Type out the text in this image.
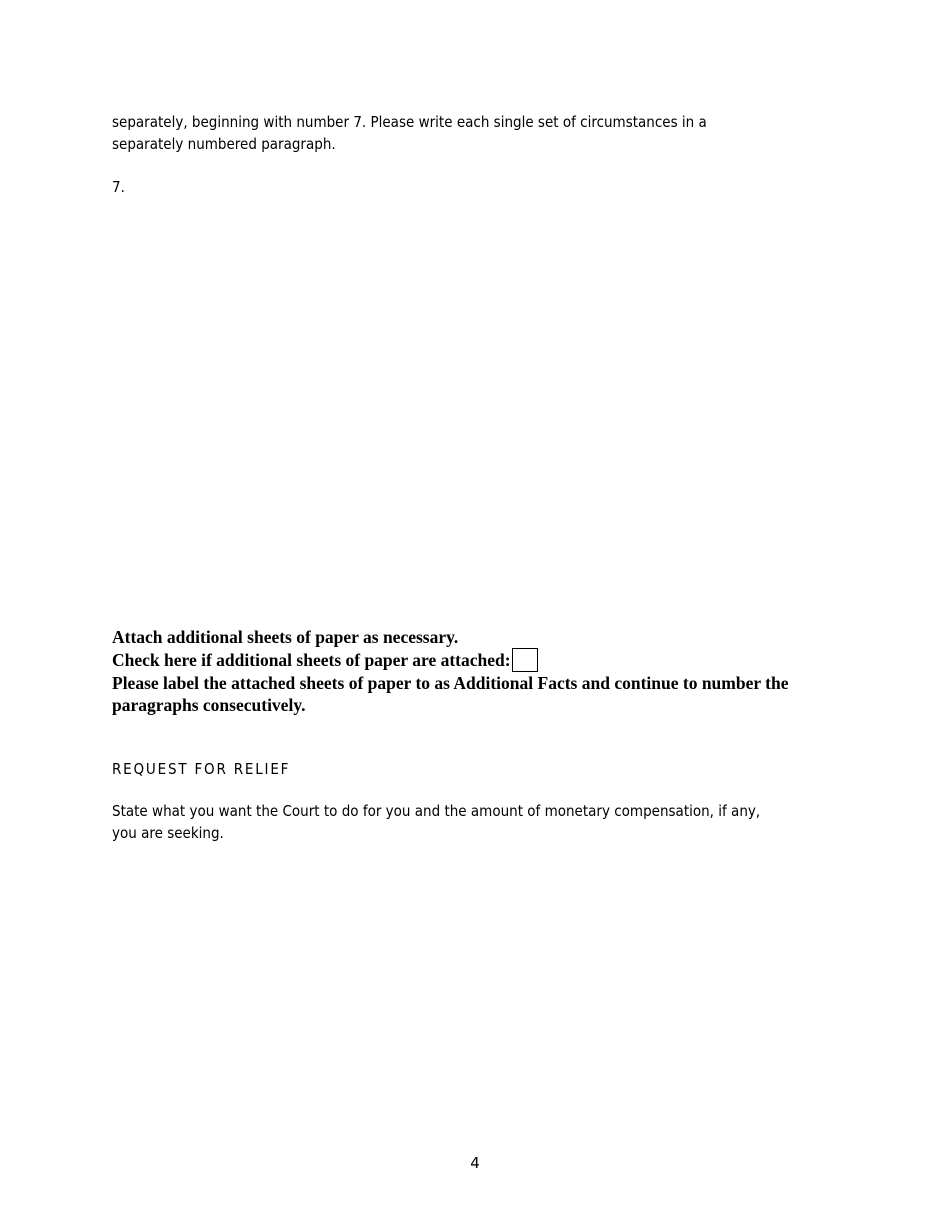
separately, beginning with number 7. Please write each single set of circumstances in a
separately numbered paragraph.
7.
Attach additional sheets of paper as necessary.
Check here if additional sheets of paper are attached:
Please label the attached sheets of paper to as Additional Facts and continue to number the
paragraphs consecutively.
REQUEST FOR RELIEF
State what you want the Court to do for you and the amount of monetary compensation, if any,
you are seeking.
4
